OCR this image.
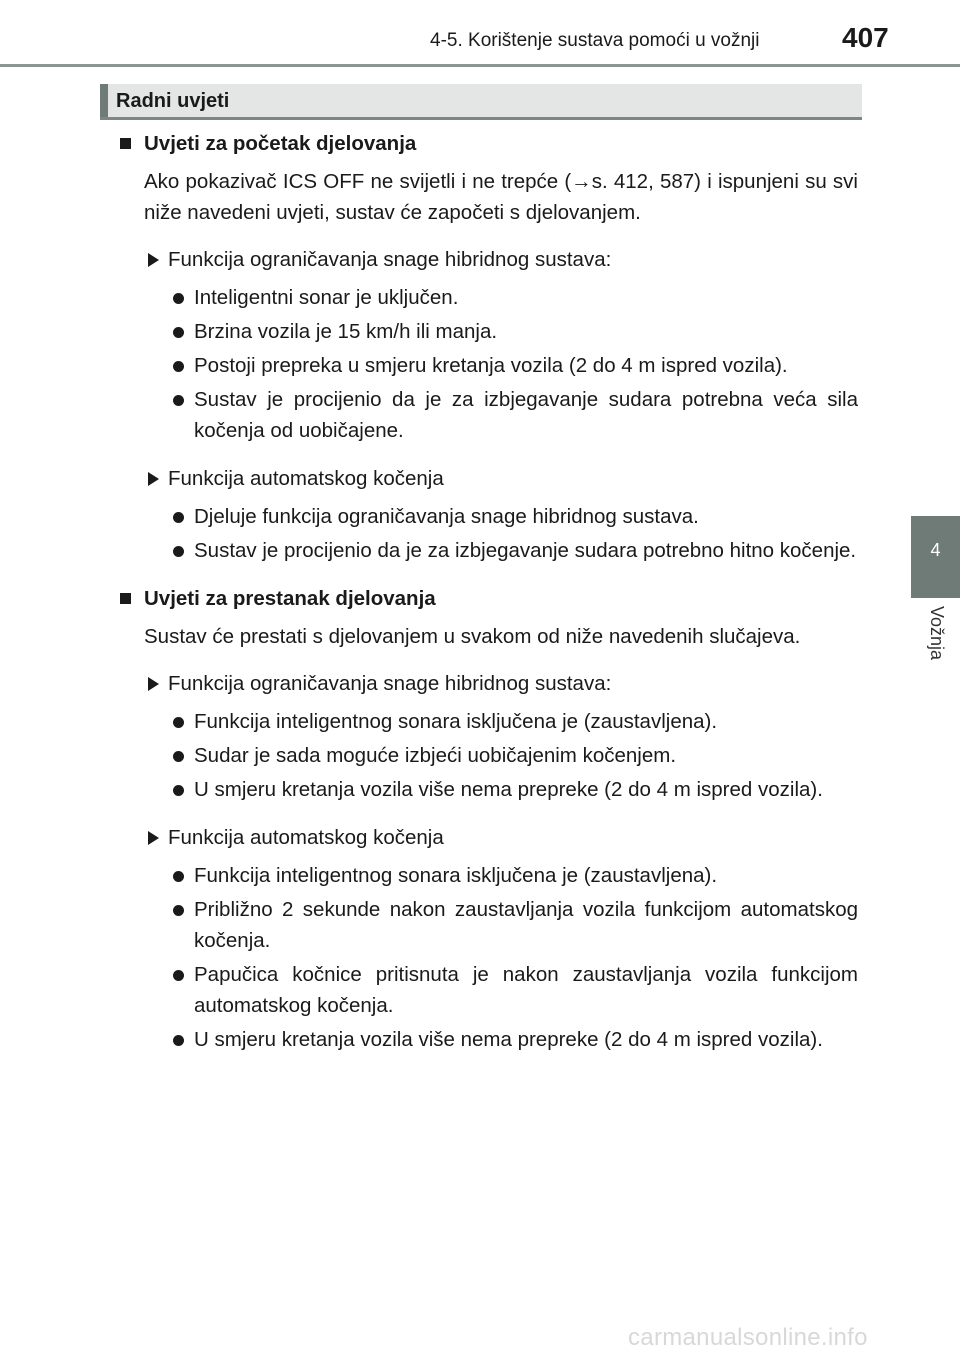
4-5. Korištenje sustava pomoći u vožnji	407
4
Vožnja
Radni uvjeti
Uvjeti za početak djelovanja

Ako pokazivač ICS OFF ne svijetli i ne trepće (→s. 412, 587) i ispunjeni su svi niže navedeni uvjeti, sustav će započeti s djelovanjem.

Funkcija ograničavanja snage hibridnog sustava:
Inteligentni sonar je uključen.
Brzina vozila je 15 km/h ili manja.
Postoji prepreka u smjeru kretanja vozila (2 do 4 m ispred vozila).
Sustav je procijenio da je za izbjegavanje sudara potrebna veća sila kočenja od uobičajene.
Funkcija automatskog kočenja
Djeluje funkcija ograničavanja snage hibridnog sustava.
Sustav je procijenio da je za izbjegavanje sudara potrebno hitno kočenje.
Uvjeti za prestanak djelovanja

Sustav će prestati s djelovanjem u svakom od niže navedenih slučajeva.

Funkcija ograničavanja snage hibridnog sustava:
Funkcija inteligentnog sonara isključena je (zaustavljena).
Sudar je sada moguće izbjeći uobičajenim kočenjem.
U smjeru kretanja vozila više nema prepreke (2 do 4 m ispred vozila).
Funkcija automatskog kočenja
Funkcija inteligentnog sonara isključena je (zaustavljena).
Približno 2 sekunde nakon zaustavljanja vozila funkcijom automatskog kočenja.
Papučica kočnice pritisnuta je nakon zaustavljanja vozila funkcijom automatskog kočenja.
U smjeru kretanja vozila više nema prepreke (2 do 4 m ispred vozila).
carmanualsonline.info
